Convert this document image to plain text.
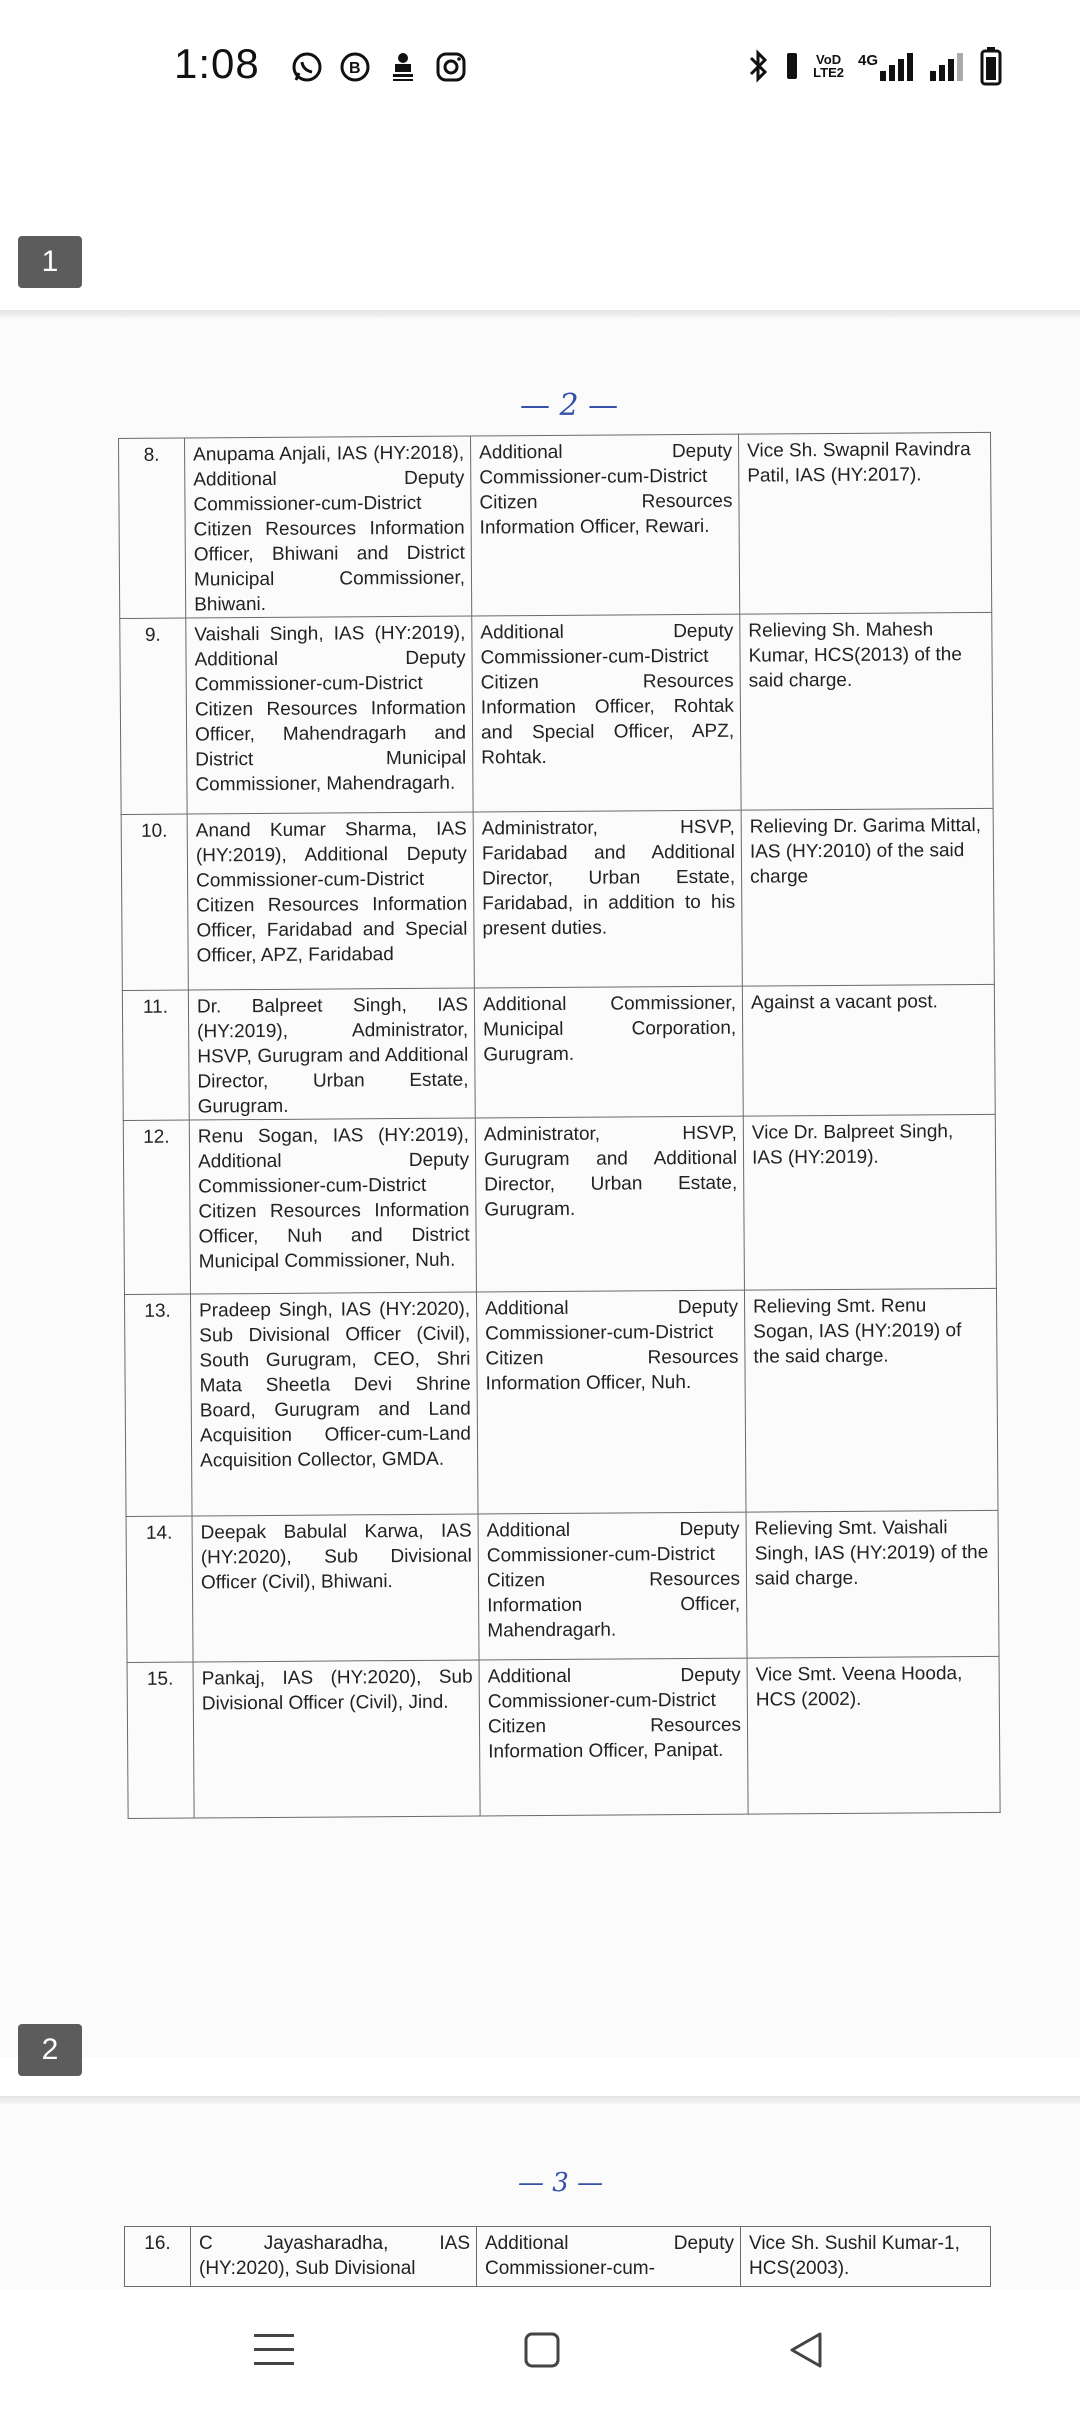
1:08	B
VoD
LTE2
4G
1
— 2 —
8.	Anupama Anjali, IAS (HY:2018), Additional Deputy Commissioner-cum-District Citizen Resources Information Officer, Bhiwani and District Municipal Commissioner, Bhiwani.	Additional Deputy Commissioner-cum-District Citizen Resources Information Officer, Rewari.	Vice Sh. Swapnil Ravindra Patil, IAS (HY:2017).
9.	Vaishali Singh, IAS (HY:2019), Additional Deputy Commissioner-cum-District Citizen Resources Information Officer, Mahendragarh and District Municipal Commissioner, Mahendragarh.	Additional Deputy Commissioner-cum-District Citizen Resources Information Officer, Rohtak and Special Officer, APZ, Rohtak.	Relieving Sh. Mahesh Kumar, HCS(2013) of the said charge.
10.	Anand Kumar Sharma, IAS (HY:2019), Additional Deputy Commissioner-cum-District Citizen Resources Information Officer, Faridabad and Special Officer, APZ, Faridabad	Administrator, HSVP, Faridabad and Additional Director, Urban Estate, Faridabad, in addition to his present duties.	Relieving Dr. Garima Mittal, IAS (HY:2010) of the said charge
11.	Dr. Balpreet Singh, IAS (HY:2019), Administrator, HSVP, Gurugram and Additional Director, Urban Estate, Gurugram.	Additional Commissioner, Municipal Corporation, Gurugram.	Against a vacant post.
12.	Renu Sogan, IAS (HY:2019), Additional Deputy Commissioner-cum-District Citizen Resources Information Officer, Nuh and District Municipal Commissioner, Nuh.	Administrator, HSVP, Gurugram and Additional Director, Urban Estate, Gurugram.	Vice Dr. Balpreet Singh, IAS (HY:2019).
13.	Pradeep Singh, IAS (HY:2020), Sub Divisional Officer (Civil), South Gurugram, CEO, Shri Mata Sheetla Devi Shrine Board, Gurugram and Land Acquisition Officer-cum-Land Acquisition Collector, GMDA.	Additional Deputy Commissioner-cum-District Citizen Resources Information Officer, Nuh.	Relieving Smt. Renu Sogan, IAS (HY:2019) of the said charge.
14.	Deepak Babulal Karwa, IAS (HY:2020), Sub Divisional Officer (Civil), Bhiwani.	Additional Deputy Commissioner-cum-District Citizen Resources Information Officer, Mahendragarh.	Relieving Smt. Vaishali Singh, IAS (HY:2019) of the said charge.
15.	Pankaj, IAS (HY:2020), Sub Divisional Officer (Civil), Jind.	Additional Deputy Commissioner-cum-District Citizen Resources Information Officer, Panipat.	Vice Smt. Veena Hooda, HCS (2002).
2
— 3 —
16.	C Jayasharadha, IAS (HY:2020), Sub Divisional	Additional Deputy Commissioner-cum-	Vice Sh. Sushil Kumar-1, HCS(2003).
